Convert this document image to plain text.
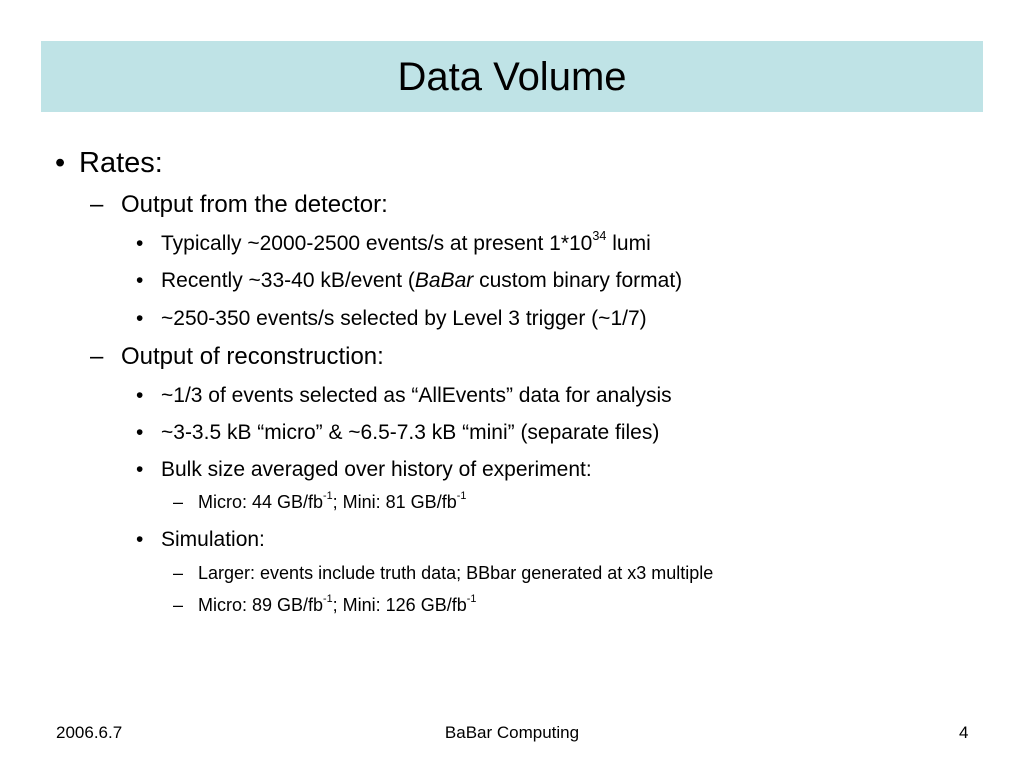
Data Volume
• Rates:
– Output from the detector:
• Typically ~2000-2500 events/s at present $1*10^{34}$ lumi
• Recently ~33-40 kB/event (BaBar custom binary format)
• ~250-350 events/s selected by Level 3 trigger (~1/7)
– Output of reconstruction:
• ~1/3 of events selected as “AllEvents” data for analysis
• ~3-3.5 kB “micro” & ~6.5-7.3 kB “mini” (separate files)
• Bulk size averaged over history of experiment:
– Micro: 44 $GB/fb^{-1}$; Mini: 81 $GB/fb^{-1}$
• Simulation:
– Larger: events include truth data; BBbar generated at x3 multiple
– Micro: 89 $GB/fb^{-1}$; Mini: 126 $GB/fb^{-1}$
2006.6.7	BaBar Computing	4
